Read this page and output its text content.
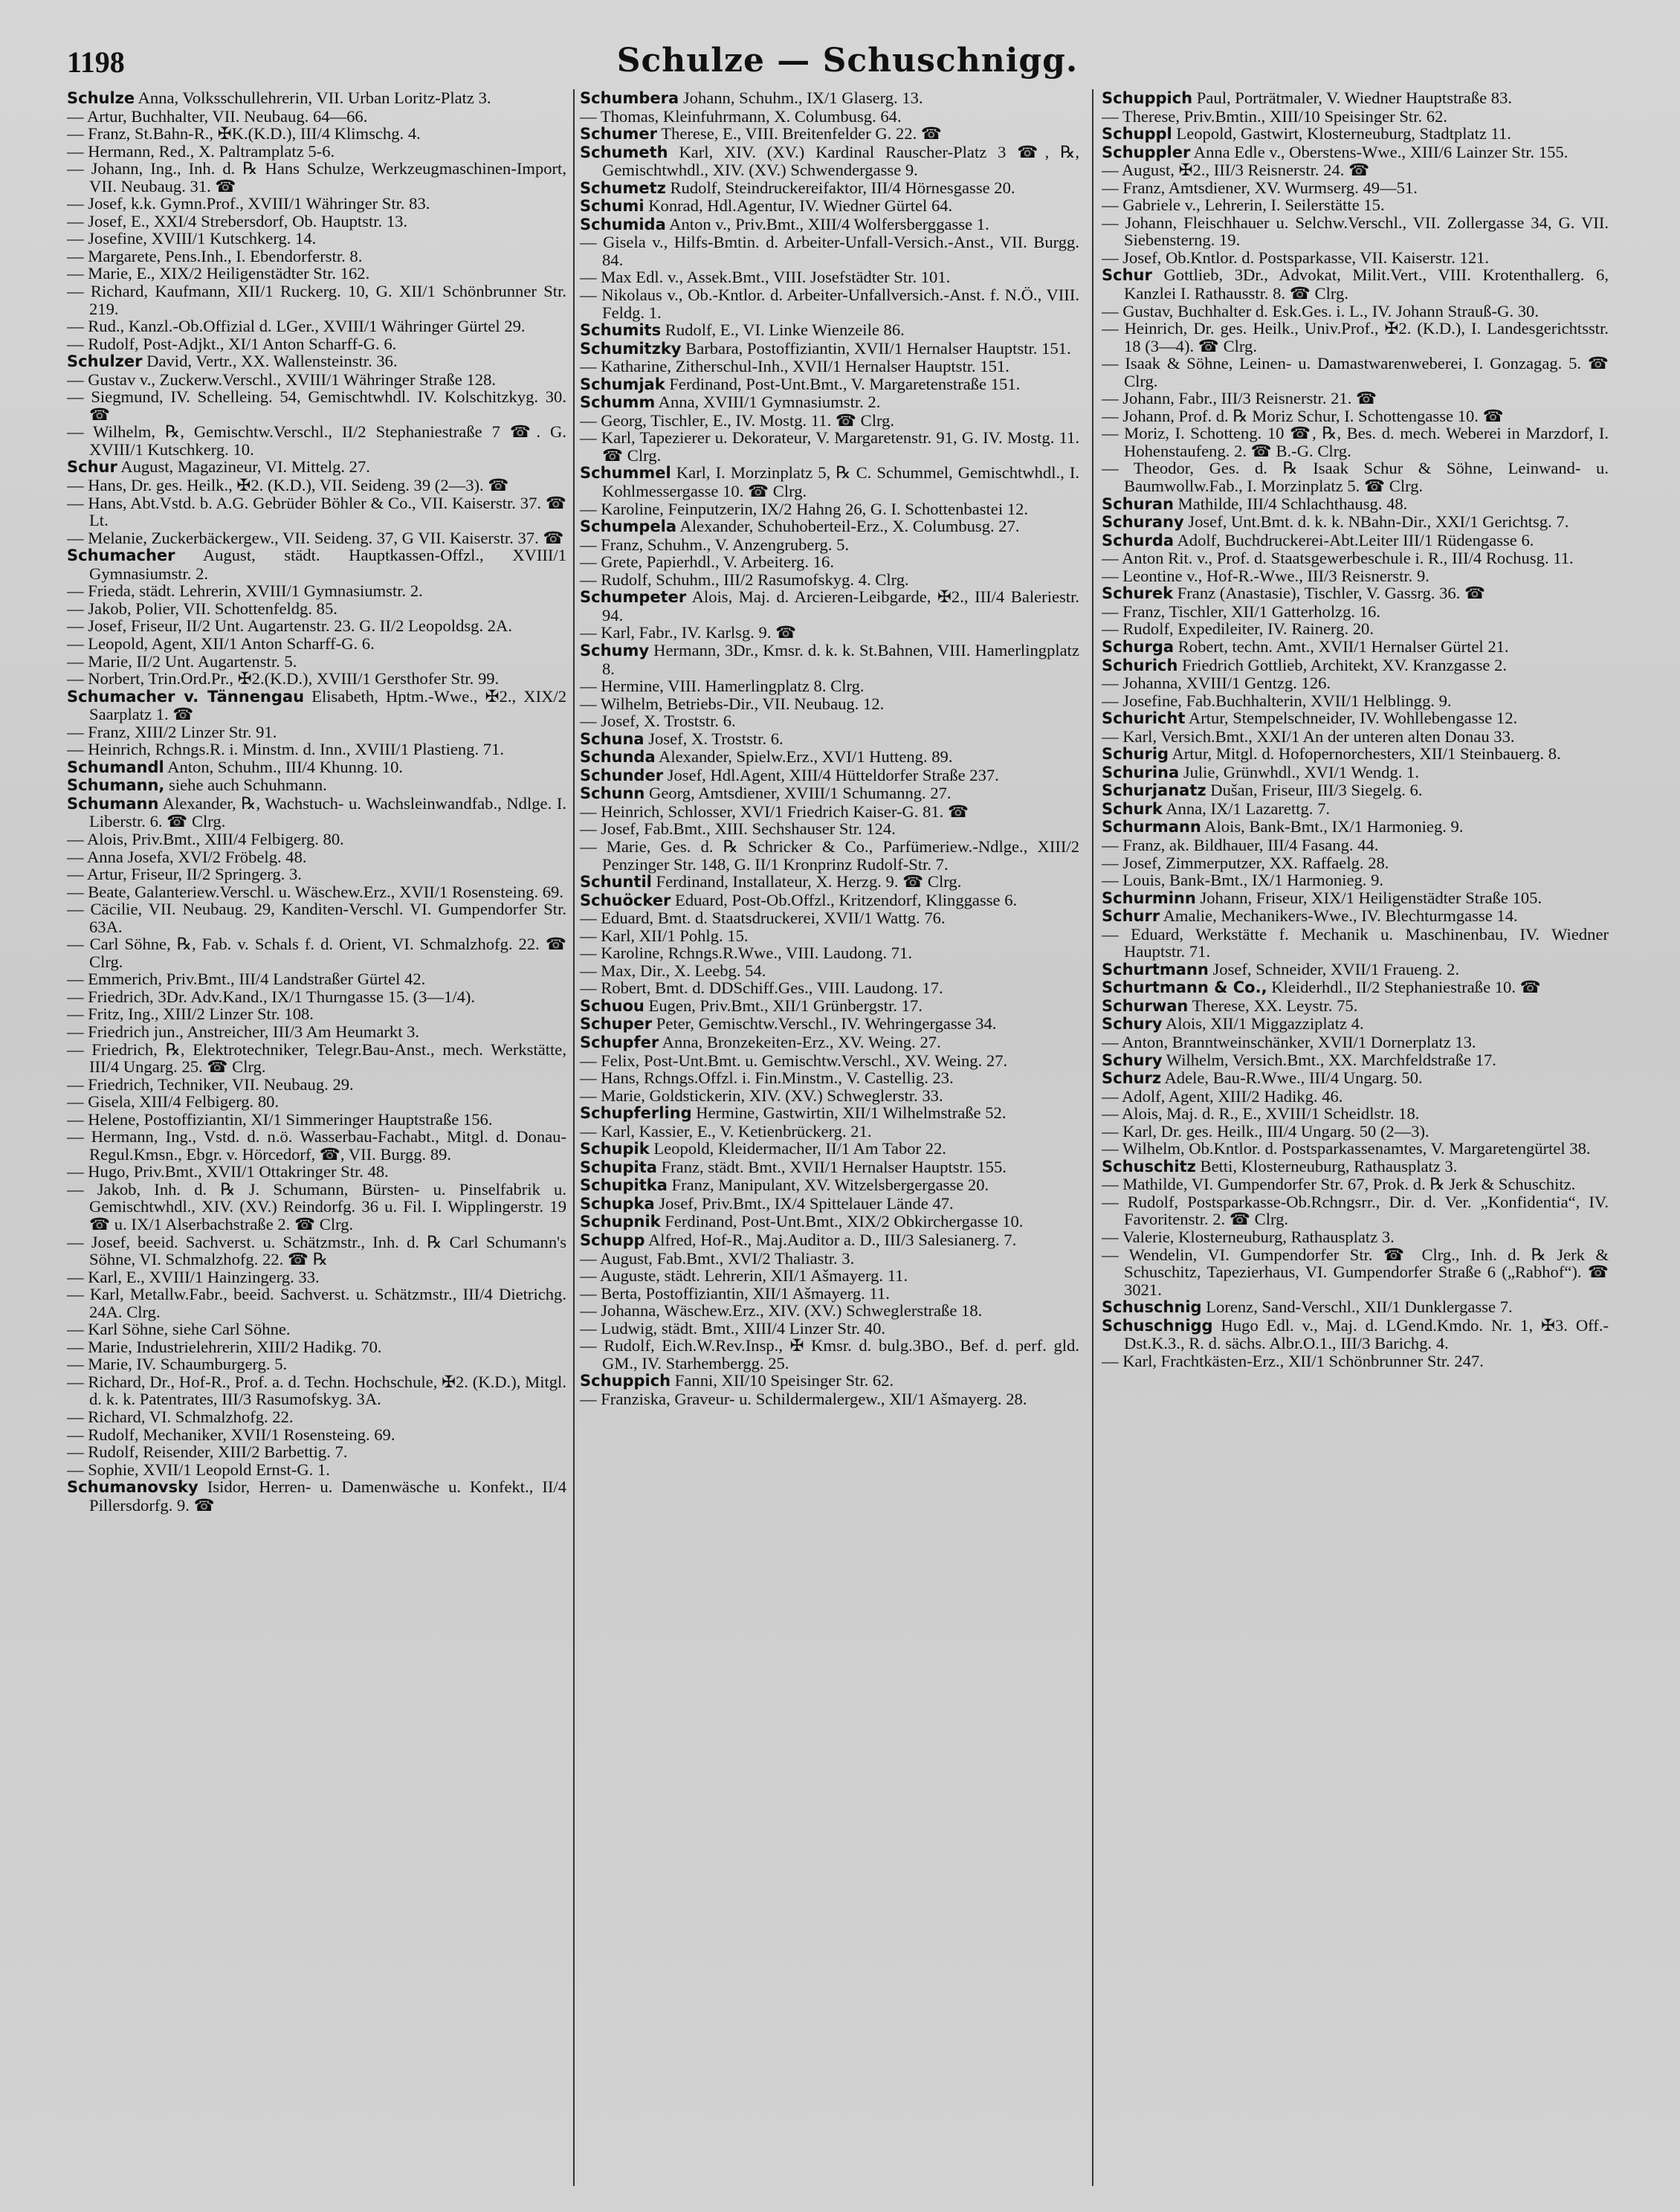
1198	Schulze — Schuschnigg.

Schulze Anna, Volksschullehrerin, VII. Urban Loritz-Platz 3.

— Artur, Buchhalter, VII. Neubaug. 64—66.

— Franz, St.Bahn-R., ✠K.(K.D.), III/4 Klimschg. 4.

— Hermann, Red., X. Paltramplatz 5-6.

— Johann, Ing., Inh. d. ℞ Hans Schulze, Werkzeugmaschinen-Import, VII. Neubaug. 31. ☎

— Josef, k.k. Gymn.Prof., XVIII/1 Währinger Str. 83.

— Josef, E., XXI/4 Strebersdorf, Ob. Hauptstr. 13.

— Josefine, XVIII/1 Kutschkerg. 14.

— Margarete, Pens.Inh., I. Ebendorferstr. 8.

— Marie, E., XIX/2 Heiligenstädter Str. 162.

— Richard, Kaufmann, XII/1 Ruckerg. 10, G. XII/1 Schönbrunner Str. 219.

— Rud., Kanzl.-Ob.Offizial d. LGer., XVIII/1 Währinger Gürtel 29.

— Rudolf, Post-Adjkt., XI/1 Anton Scharff-G. 6.

Schulzer David, Vertr., XX. Wallensteinstr. 36.

— Gustav v., Zuckerw.Verschl., XVIII/1 Währinger Straße 128.

— Siegmund, IV. Schelleing. 54, Gemischtwhdl. IV. Kolschitzkyg. 30. ☎

— Wilhelm, ℞, Gemischtw.Verschl., II/2 Stephaniestraße 7 ☎. G. XVIII/1 Kutschkerg. 10.

Schur August, Magazineur, VI. Mittelg. 27.

— Hans, Dr. ges. Heilk., ✠2. (K.D.), VII. Seideng. 39 (2—3). ☎

— Hans, Abt.Vstd. b. A.G. Gebrüder Böhler & Co., VII. Kaiserstr. 37. ☎ Lt.

— Melanie, Zuckerbäckergew., VII. Seideng. 37, G VII. Kaiserstr. 37. ☎

Schumacher August, städt. Hauptkassen-Offzl., XVIII/1 Gymnasiumstr. 2.

— Frieda, städt. Lehrerin, XVIII/1 Gymnasiumstr. 2.

— Jakob, Polier, VII. Schottenfeldg. 85.

— Josef, Friseur, II/2 Unt. Augartenstr. 23. G. II/2 Leopoldsg. 2A.

— Leopold, Agent, XII/1 Anton Scharff-G. 6.

— Marie, II/2 Unt. Augartenstr. 5.

— Norbert, Trin.Ord.Pr., ✠2.(K.D.), XVIII/1 Gersthofer Str. 99.

Schumacher v. Tännengau Elisabeth, Hptm.-Wwe., ✠2., XIX/2 Saarplatz 1. ☎

— Franz, XIII/2 Linzer Str. 91.

— Heinrich, Rchngs.R. i. Minstm. d. Inn., XVIII/1 Plastieng. 71.

Schumandl Anton, Schuhm., III/4 Khunng. 10.

Schumann, siehe auch Schuhmann.

Schumann Alexander, ℞, Wachstuch- u. Wachsleinwandfab., Ndlge. I. Liberstr. 6. ☎ Clrg.

— Alois, Priv.Bmt., XIII/4 Felbigerg. 80.

— Anna Josefa, XVI/2 Fröbelg. 48.

— Artur, Friseur, II/2 Springerg. 3.

— Beate, Galanteriew.Verschl. u. Wäschew.Erz., XVII/1 Rosensteing. 69.

— Cäcilie, VII. Neubaug. 29, Kanditen-Verschl. VI. Gumpendorfer Str. 63A.

— Carl Söhne, ℞, Fab. v. Schals f. d. Orient, VI. Schmalzhofg. 22. ☎ Clrg.

— Emmerich, Priv.Bmt., III/4 Landstraßer Gürtel 42.

— Friedrich, 3Dr. Adv.Kand., IX/1 Thurngasse 15. (3—1/4).

— Fritz, Ing., XIII/2 Linzer Str. 108.

— Friedrich jun., Anstreicher, III/3 Am Heumarkt 3.

— Friedrich, ℞, Elektrotechniker, Telegr.Bau-Anst., mech. Werkstätte, III/4 Ungarg. 25. ☎ Clrg.

— Friedrich, Techniker, VII. Neubaug. 29.

— Gisela, XIII/4 Felbigerg. 80.

— Helene, Postoffiziantin, XI/1 Simmeringer Hauptstraße 156.

— Hermann, Ing., Vstd. d. n.ö. Wasserbau-Fachabt., Mitgl. d. Donau-Regul.Kmsn., Ebgr. v. Hörcedorf, ☎, VII. Burgg. 89.

— Hugo, Priv.Bmt., XVII/1 Ottakringer Str. 48.

— Jakob, Inh. d. ℞ J. Schumann, Bürsten- u. Pinselfabrik u. Gemischtwhdl., XIV. (XV.) Reindorfg. 36 u. Fil. I. Wipplingerstr. 19 ☎ u. IX/1 Alserbachstraße 2. ☎ Clrg.

— Josef, beeid. Sachverst. u. Schätzmstr., Inh. d. ℞ Carl Schumann's Söhne, VI. Schmalzhofg. 22. ☎ ℞

— Karl, E., XVIII/1 Hainzingerg. 33.

— Karl, Metallw.Fabr., beeid. Sachverst. u. Schätzmstr., III/4 Dietrichg. 24A. Clrg.

— Karl Söhne, siehe Carl Söhne.

— Marie, Industrielehrerin, XIII/2 Hadikg. 70.

— Marie, IV. Schaumburgerg. 5.

— Richard, Dr., Hof-R., Prof. a. d. Techn. Hochschule, ✠2. (K.D.), Mitgl. d. k. k. Patentrates, III/3 Rasumofskyg. 3A.

— Richard, VI. Schmalzhofg. 22.

— Rudolf, Mechaniker, XVII/1 Rosensteing. 69.

— Rudolf, Reisender, XIII/2 Barbettig. 7.

— Sophie, XVII/1 Leopold Ernst-G. 1.

Schumanovsky Isidor, Herren- u. Damenwäsche u. Konfekt., II/4 Pillersdorfg. 9. ☎

Schumbera Johann, Schuhm., IX/1 Glaserg. 13.

— Thomas, Kleinfuhrmann, X. Columbusg. 64.

Schumer Therese, E., VIII. Breitenfelder G. 22. ☎

Schumeth Karl, XIV. (XV.) Kardinal Rauscher-Platz 3 ☎, ℞, Gemischtwhdl., XIV. (XV.) Schwendergasse 9.

Schumetz Rudolf, Steindruckereifaktor, III/4 Hörnesgasse 20.

Schumi Konrad, Hdl.Agentur, IV. Wiedner Gürtel 64.

Schumida Anton v., Priv.Bmt., XIII/4 Wolfersberggasse 1.

— Gisela v., Hilfs-Bmtin. d. Arbeiter-Unfall-Versich.-Anst., VII. Burgg. 84.

— Max Edl. v., Assek.Bmt., VIII. Josefstädter Str. 101.

— Nikolaus v., Ob.-Kntlor. d. Arbeiter-Unfallversich.-Anst. f. N.Ö., VIII. Feldg. 1.

Schumits Rudolf, E., VI. Linke Wienzeile 86.

Schumitzky Barbara, Postoffiziantin, XVII/1 Hernalser Hauptstr. 151.

— Katharine, Zitherschul-Inh., XVII/1 Hernalser Hauptstr. 151.

Schumjak Ferdinand, Post-Unt.Bmt., V. Margaretenstraße 151.

Schumm Anna, XVIII/1 Gymnasiumstr. 2.

— Georg, Tischler, E., IV. Mostg. 11. ☎ Clrg.

— Karl, Tapezierer u. Dekorateur, V. Margaretenstr. 91, G. IV. Mostg. 11. ☎ Clrg.

Schummel Karl, I. Morzinplatz 5, ℞ C. Schummel, Gemischtwhdl., I. Kohlmessergasse 10. ☎ Clrg.

— Karoline, Feinputzerin, IX/2 Hahng 26, G. I. Schottenbastei 12.

Schumpela Alexander, Schuhoberteil-Erz., X. Columbusg. 27.

— Franz, Schuhm., V. Anzengruberg. 5.

— Grete, Papierhdl., V. Arbeiterg. 16.

— Rudolf, Schuhm., III/2 Rasumofskyg. 4. Clrg.

Schumpeter Alois, Maj. d. Arcieren-Leibgarde, ✠2., III/4 Baleriestr. 94.

— Karl, Fabr., IV. Karlsg. 9. ☎

Schumy Hermann, 3Dr., Kmsr. d. k. k. St.Bahnen, VIII. Hamerlingplatz 8.

— Hermine, VIII. Hamerlingplatz 8. Clrg.

— Wilhelm, Betriebs-Dir., VII. Neubaug. 12.

— Josef, X. Troststr. 6.

Schuna Josef, X. Troststr. 6.

Schunda Alexander, Spielw.Erz., XVI/1 Hutteng. 89.

Schunder Josef, Hdl.Agent, XIII/4 Hütteldorfer Straße 237.

Schunn Georg, Amtsdiener, XVIII/1 Schumanng. 27.

— Heinrich, Schlosser, XVI/1 Friedrich Kaiser-G. 81. ☎

— Josef, Fab.Bmt., XIII. Sechshauser Str. 124.

— Marie, Ges. d. ℞ Schricker & Co., Parfümeriew.-Ndlge., XIII/2 Penzinger Str. 148, G. II/1 Kronprinz Rudolf-Str. 7.

Schuntil Ferdinand, Installateur, X. Herzg. 9. ☎ Clrg.

Schuöcker Eduard, Post-Ob.Offzl., Kritzendorf, Klinggasse 6.

— Eduard, Bmt. d. Staatsdruckerei, XVII/1 Wattg. 76.

— Karl, XII/1 Pohlg. 15.

— Karoline, Rchngs.R.Wwe., VIII. Laudong. 71.

— Max, Dir., X. Leebg. 54.

— Robert, Bmt. d. DDSchiff.Ges., VIII. Laudong. 17.

Schuou Eugen, Priv.Bmt., XII/1 Grünbergstr. 17.

Schuper Peter, Gemischtw.Verschl., IV. Wehringergasse 34.

Schupfer Anna, Bronzekeiten-Erz., XV. Weing. 27.

— Felix, Post-Unt.Bmt. u. Gemischtw.Verschl., XV. Weing. 27.

— Hans, Rchngs.Offzl. i. Fin.Minstm., V. Castellig. 23.

— Marie, Goldstickerin, XIV. (XV.) Schweglerstr. 33.

Schupferling Hermine, Gastwirtin, XII/1 Wilhelmstraße 52.

— Karl, Kassier, E., V. Ketienbrückerg. 21.

Schupik Leopold, Kleidermacher, II/1 Am Tabor 22.

Schupita Franz, städt. Bmt., XVII/1 Hernalser Hauptstr. 155.

Schupitka Franz, Manipulant, XV. Witzelsbergergasse 20.

Schupka Josef, Priv.Bmt., IX/4 Spittelauer Lände 47.

Schupnik Ferdinand, Post-Unt.Bmt., XIX/2 Obkirchergasse 10.

Schupp Alfred, Hof-R., Maj.Auditor a. D., III/3 Salesianerg. 7.

— August, Fab.Bmt., XVI/2 Thaliastr. 3.

— Auguste, städt. Lehrerin, XII/1 Ašmayerg. 11.

— Berta, Postoffiziantin, XII/1 Ašmayerg. 11.

— Johanna, Wäschew.Erz., XIV. (XV.) Schweglerstraße 18.

— Ludwig, städt. Bmt., XIII/4 Linzer Str. 40.

— Rudolf, Eich.W.Rev.Insp., ✠ Kmsr. d. bulg.3BO., Bef. d. perf. gld. GM., IV. Starhembergg. 25.

Schuppich Fanni, XII/10 Speisinger Str. 62.

— Franziska, Graveur- u. Schildermalergew., XII/1 Ašmayerg. 28.

Schuppich Paul, Porträtmaler, V. Wiedner Hauptstraße 83.

— Therese, Priv.Bmtin., XIII/10 Speisinger Str. 62.

Schuppl Leopold, Gastwirt, Klosterneuburg, Stadtplatz 11.

Schuppler Anna Edle v., Oberstens-Wwe., XIII/6 Lainzer Str. 155.

— August, ✠2., III/3 Reisnerstr. 24. ☎

— Franz, Amtsdiener, XV. Wurmserg. 49—51.

— Gabriele v., Lehrerin, I. Seilerstätte 15.

— Johann, Fleischhauer u. Selchw.Verschl., VII. Zollergasse 34, G. VII. Siebensterng. 19.

— Josef, Ob.Kntlor. d. Postsparkasse, VII. Kaiserstr. 121.

Schur Gottlieb, 3Dr., Advokat, Milit.Vert., VIII. Krotenthallerg. 6, Kanzlei I. Rathausstr. 8. ☎ Clrg.

— Gustav, Buchhalter d. Esk.Ges. i. L., IV. Johann Strauß-G. 30.

— Heinrich, Dr. ges. Heilk., Univ.Prof., ✠2. (K.D.), I. Landesgerichtsstr. 18 (3—4). ☎ Clrg.

— Isaak & Söhne, Leinen- u. Damastwarenweberei, I. Gonzagag. 5. ☎ Clrg.

— Johann, Fabr., III/3 Reisnerstr. 21. ☎

— Johann, Prof. d. ℞ Moriz Schur, I. Schottengasse 10. ☎

— Moriz, I. Schotteng. 10 ☎, ℞, Bes. d. mech. Weberei in Marzdorf, I. Hohenstaufeng. 2. ☎ B.-G. Clrg.

— Theodor, Ges. d. ℞ Isaak Schur & Söhne, Leinwand- u. Baumwollw.Fab., I. Morzinplatz 5. ☎ Clrg.

Schuran Mathilde, III/4 Schlachthausg. 48.

Schurany Josef, Unt.Bmt. d. k. k. NBahn-Dir., XXI/1 Gerichtsg. 7.

Schurda Adolf, Buchdruckerei-Abt.Leiter III/1 Rüdengasse 6.

— Anton Rit. v., Prof. d. Staatsgewerbeschule i. R., III/4 Rochusg. 11.

— Leontine v., Hof-R.-Wwe., III/3 Reisnerstr. 9.

Schurek Franz (Anastasie), Tischler, V. Gassrg. 36. ☎

— Franz, Tischler, XII/1 Gatterholzg. 16.

— Rudolf, Expedileiter, IV. Rainerg. 20.

Schurga Robert, techn. Amt., XVII/1 Hernalser Gürtel 21.

Schurich Friedrich Gottlieb, Architekt, XV. Kranzgasse 2.

— Johanna, XVIII/1 Gentzg. 126.

— Josefine, Fab.Buchhalterin, XVII/1 Helblingg. 9.

Schuricht Artur, Stempelschneider, IV. Wohllebengasse 12.

— Karl, Versich.Bmt., XXI/1 An der unteren alten Donau 33.

Schurig Artur, Mitgl. d. Hofopernorchesters, XII/1 Steinbauerg. 8.

Schurina Julie, Grünwhdl., XVI/1 Wendg. 1.

Schurjanatz Dušan, Friseur, III/3 Siegelg. 6.

Schurk Anna, IX/1 Lazarettg. 7.

Schurmann Alois, Bank-Bmt., IX/1 Harmonieg. 9.

— Franz, ak. Bildhauer, III/4 Fasang. 44.

— Josef, Zimmerputzer, XX. Raffaelg. 28.

— Louis, Bank-Bmt., IX/1 Harmonieg. 9.

Schurminn Johann, Friseur, XIX/1 Heiligenstädter Straße 105.

Schurr Amalie, Mechanikers-Wwe., IV. Blechturmgasse 14.

— Eduard, Werkstätte f. Mechanik u. Maschinenbau, IV. Wiedner Hauptstr. 71.

Schurtmann Josef, Schneider, XVII/1 Fraueng. 2.

Schurtmann & Co., Kleiderhdl., II/2 Stephaniestraße 10. ☎

Schurwan Therese, XX. Leystr. 75.

Schury Alois, XII/1 Miggazziplatz 4.

— Anton, Branntweinschänker, XVII/1 Dornerplatz 13.

Schury Wilhelm, Versich.Bmt., XX. Marchfeldstraße 17.

Schurz Adele, Bau-R.Wwe., III/4 Ungarg. 50.

— Adolf, Agent, XIII/2 Hadikg. 46.

— Alois, Maj. d. R., E., XVIII/1 Scheidlstr. 18.

— Karl, Dr. ges. Heilk., III/4 Ungarg. 50 (2—3).

— Wilhelm, Ob.Kntlor. d. Postsparkassenamtes, V. Margaretengürtel 38.

Schuschitz Betti, Klosterneuburg, Rathausplatz 3.

— Mathilde, VI. Gumpendorfer Str. 67, Prok. d. ℞ Jerk & Schuschitz.

— Rudolf, Postsparkasse-Ob.Rchngsrr., Dir. d. Ver. „Konfidentia“, IV. Favoritenstr. 2. ☎ Clrg.

— Valerie, Klosterneuburg, Rathausplatz 3.

— Wendelin, VI. Gumpendorfer Str. ☎ Clrg., Inh. d. ℞ Jerk & Schuschitz, Tapezierhaus, VI. Gumpendorfer Straße 6 („Rabhof“). ☎ 3021.

Schuschnig Lorenz, Sand-Verschl., XII/1 Dunklergasse 7.

Schuschnigg Hugo Edl. v., Maj. d. LGend.Kmdo. Nr. 1, ✠3. Off.-Dst.K.3., R. d. sächs. Albr.O.1., III/3 Barichg. 4.

— Karl, Frachtkästen-Erz., XII/1 Schönbrunner Str. 247.
